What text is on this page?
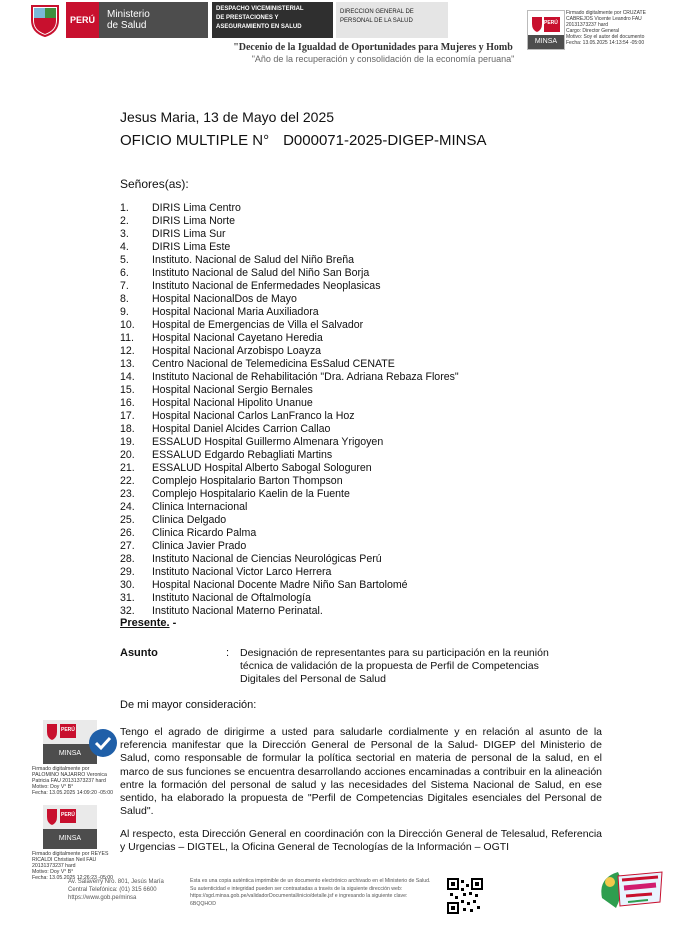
PERÚ	Ministerio
de Salud
DESPACHO VICEMINISTERIAL
DE PRESTACIONES Y
ASEGURAMIENTO EN SALUD
DIRECCION GENERAL DE
PERSONAL DE LA SALUD	PERÚ
MINSA
Firmado digitalmente por CRUZATE
CABREJOS Vicente Leandro FAU
20131373237 hard
Cargo: Director General
Motivo: Soy el autor del documento
Fecha: 13.05.2025 14:13:54 -05:00
"Decenio de la Igualdad de Oportunidades para Mujeres y Homb
"Año de la recuperación y consolidación de la economía peruana"
Jesus Maria, 13 de Mayo del 2025
OFICIO MULTIPLE N° D000071-2025-DIGEP-MINSA
Señores(as):
1. DIRIS Lima Centro
2. DIRIS Lima Norte
3. DIRIS Lima Sur
4. DIRIS Lima Este
5. Instituto. Nacional de Salud del Niño Breña
6. Instituto Nacional de Salud del Niño San Borja
7. Instituto Nacional de Enfermedades Neoplasicas
8. Hospital NacionalDos de Mayo
9. Hospital Nacional Maria Auxiliadora
10. Hospital de Emergencias de Villa el Salvador
11. Hospital Nacional Cayetano Heredia
12. Hospital Nacional Arzobispo Loayza
13. Centro Nacional de Telemedicina EsSalud CENATE
14. Instituto Nacional de Rehabilitación "Dra. Adriana Rebaza Flores"
15. Hospital Nacional Sergio Bernales
16. Hospital Nacional Hipolito Unanue
17. Hospital Nacional Carlos LanFranco la Hoz
18. Hospital Daniel Alcides Carrion Callao
19. ESSALUD Hospital Guillermo Almenara Yrigoyen
20. ESSALUD Edgardo Rebagliati Martins
21. ESSALUD Hospital Alberto Sabogal Sologuren
22. Complejo Hospitalario Barton Thompson
23. Complejo Hospitalario Kaelin de la Fuente
24. Clinica Internacional
25. Clinica Delgado
26. Clinica Ricardo Palma
27. Clinica Javier Prado
28. Instituto Nacional de Ciencias Neurológicas Perú
29. Instituto Nacional Victor Larco Herrera
30. Hospital Nacional Docente Madre Niño San Bartolomé
31. Instituto Nacional de Oftalmología
32. Instituto Nacional Materno Perinatal.
Presente. -
Asunto	: Designación de representantes para su participación en la reunión técnica de validación de la propuesta de Perfil de Competencias Digitales del Personal de Salud
De mi mayor consideración:
Tengo el agrado de dirigirme a usted para saludarle cordialmente y en relación al asunto de la referencia manifestar que la Dirección General de Personal de la Salud- DIGEP del Ministerio de Salud, como responsable de formular la política sectorial en materia de personal de la salud, en el marco de sus funciones se encuentra desarrollando acciones encaminadas a contribuir en la alineación entre la formación del personal de salud y las necesidades del Sistema Nacional de Salud, en ese sentido, ha elaborado la propuesta de "Perfil de Competencias Digitales esenciales del Personal de Salud".
Al respecto, esta Dirección General en coordinación con la Dirección General de Telesalud, Referencia y Urgencias – DIGTEL, la Oficina General de Tecnologías de la Información – OGTI
PERÚ
MINSA
Firmado digitalmente por
PALOMINO NAJARRO Veronica
Patricia FAU 20131373237 hard
Motivo: Doy V° B°
Fecha: 13.05.2025 14:09:20 -05:00
PERÚ
MINSA
Firmado digitalmente por REYES
RICALDI Christian Neil FAU
20131373237 hard
Motivo: Doy V° B°
Fecha: 13.05.2025 12:26:23 -05:00
Av. Salaverry Nro. 801, Jesús María
Central Telefónica: (01) 315 6600
https://www.gob.pe/minsa
Esta es una copia auténtica imprimible de un documento electrónico archivado en el Ministerio de Salud. Su autenticidad e integridad pueden ser contrastadas a través de la siguiente dirección web: https://sgd.minsa.gob.pe/validadorDocumental/inicio/detalle.jsf e ingresando la siguiente clave: 6BQQHOD
